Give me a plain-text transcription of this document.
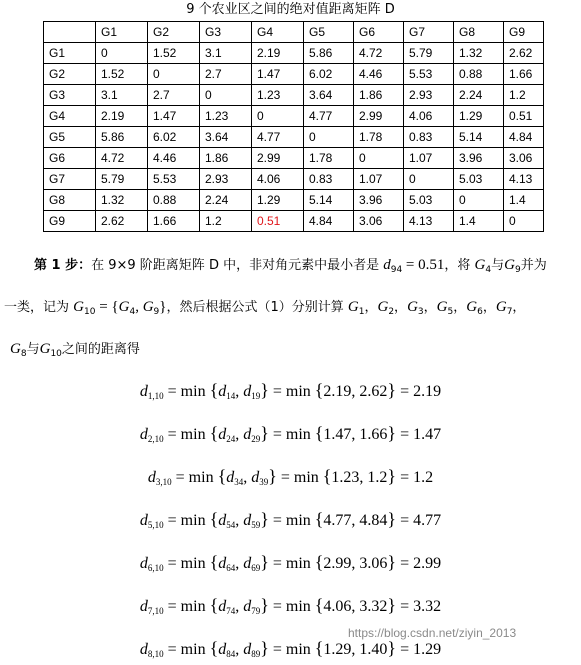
9 个农业区之间的绝对值距离矩阵 D
	G1	G2	G3	G4	G5	G6	G7	G8	G9
G1	0	1.52	3.1	2.19	5.86	4.72	5.79	1.32	2.62
G2	1.52	0	2.7	1.47	6.02	4.46	5.53	0.88	1.66
G3	3.1	2.7	0	1.23	3.64	1.86	2.93	2.24	1.2
G4	2.19	1.47	1.23	0	4.77	2.99	4.06	1.29	0.51
G5	5.86	6.02	3.64	4.77	0	1.78	0.83	5.14	4.84
G6	4.72	4.46	1.86	2.99	1.78	0	1.07	3.96	3.06
G7	5.79	5.53	2.93	4.06	0.83	1.07	0	5.03	4.13
G8	1.32	0.88	2.24	1.29	5.14	3.96	5.03	0	1.4
G9	2.62	1.66	1.2	0.51	4.84	3.06	4.13	1.4	0
第 1 步：在 9×9 阶距离矩阵 D 中，非对角元素中最小者是 $d_{94} = 0.51$，将 $G_4$与$G_9$并为
一类，记为 $G_{10} = \{G_4$, $G_9$}，然后根据公式（1）分别计算 $G_1$，$G_2$，$G_3$，$G_5$，$G_6$，$G_7$，
$G_8$与$G_{10}$之间的距离得
$d_{1,10} = \min \{d_{14}$, $d_{19}\} = \min \{2.19$, 2.62} = 2.19
$d_{2,10} = \min \{d_{24}$, $d_{29}\} = \min \{1.47$, 1.66} = 1.47
$d_{3,10} = \min \{d_{34}$, $d_{39}\} = \min \{1.23$, 1.2} = 1.2
$d_{5,10} = \min \{d_{54}$, $d_{59}\} = \min \{4.77$, 4.84} = 4.77
$d_{6,10} = \min \{d_{64}$, $d_{69}\} = \min \{2.99$, 3.06} = 2.99
$d_{7,10} = \min \{d_{74}$, $d_{79}\} = \min \{4.06$, 3.32} = 3.32
$d_{8,10} = \min \{d_{84}$, $d_{89}\} = \min \{1.29$, 1.40} = 1.29
https://blog.csdn.net/ziyin_2013
